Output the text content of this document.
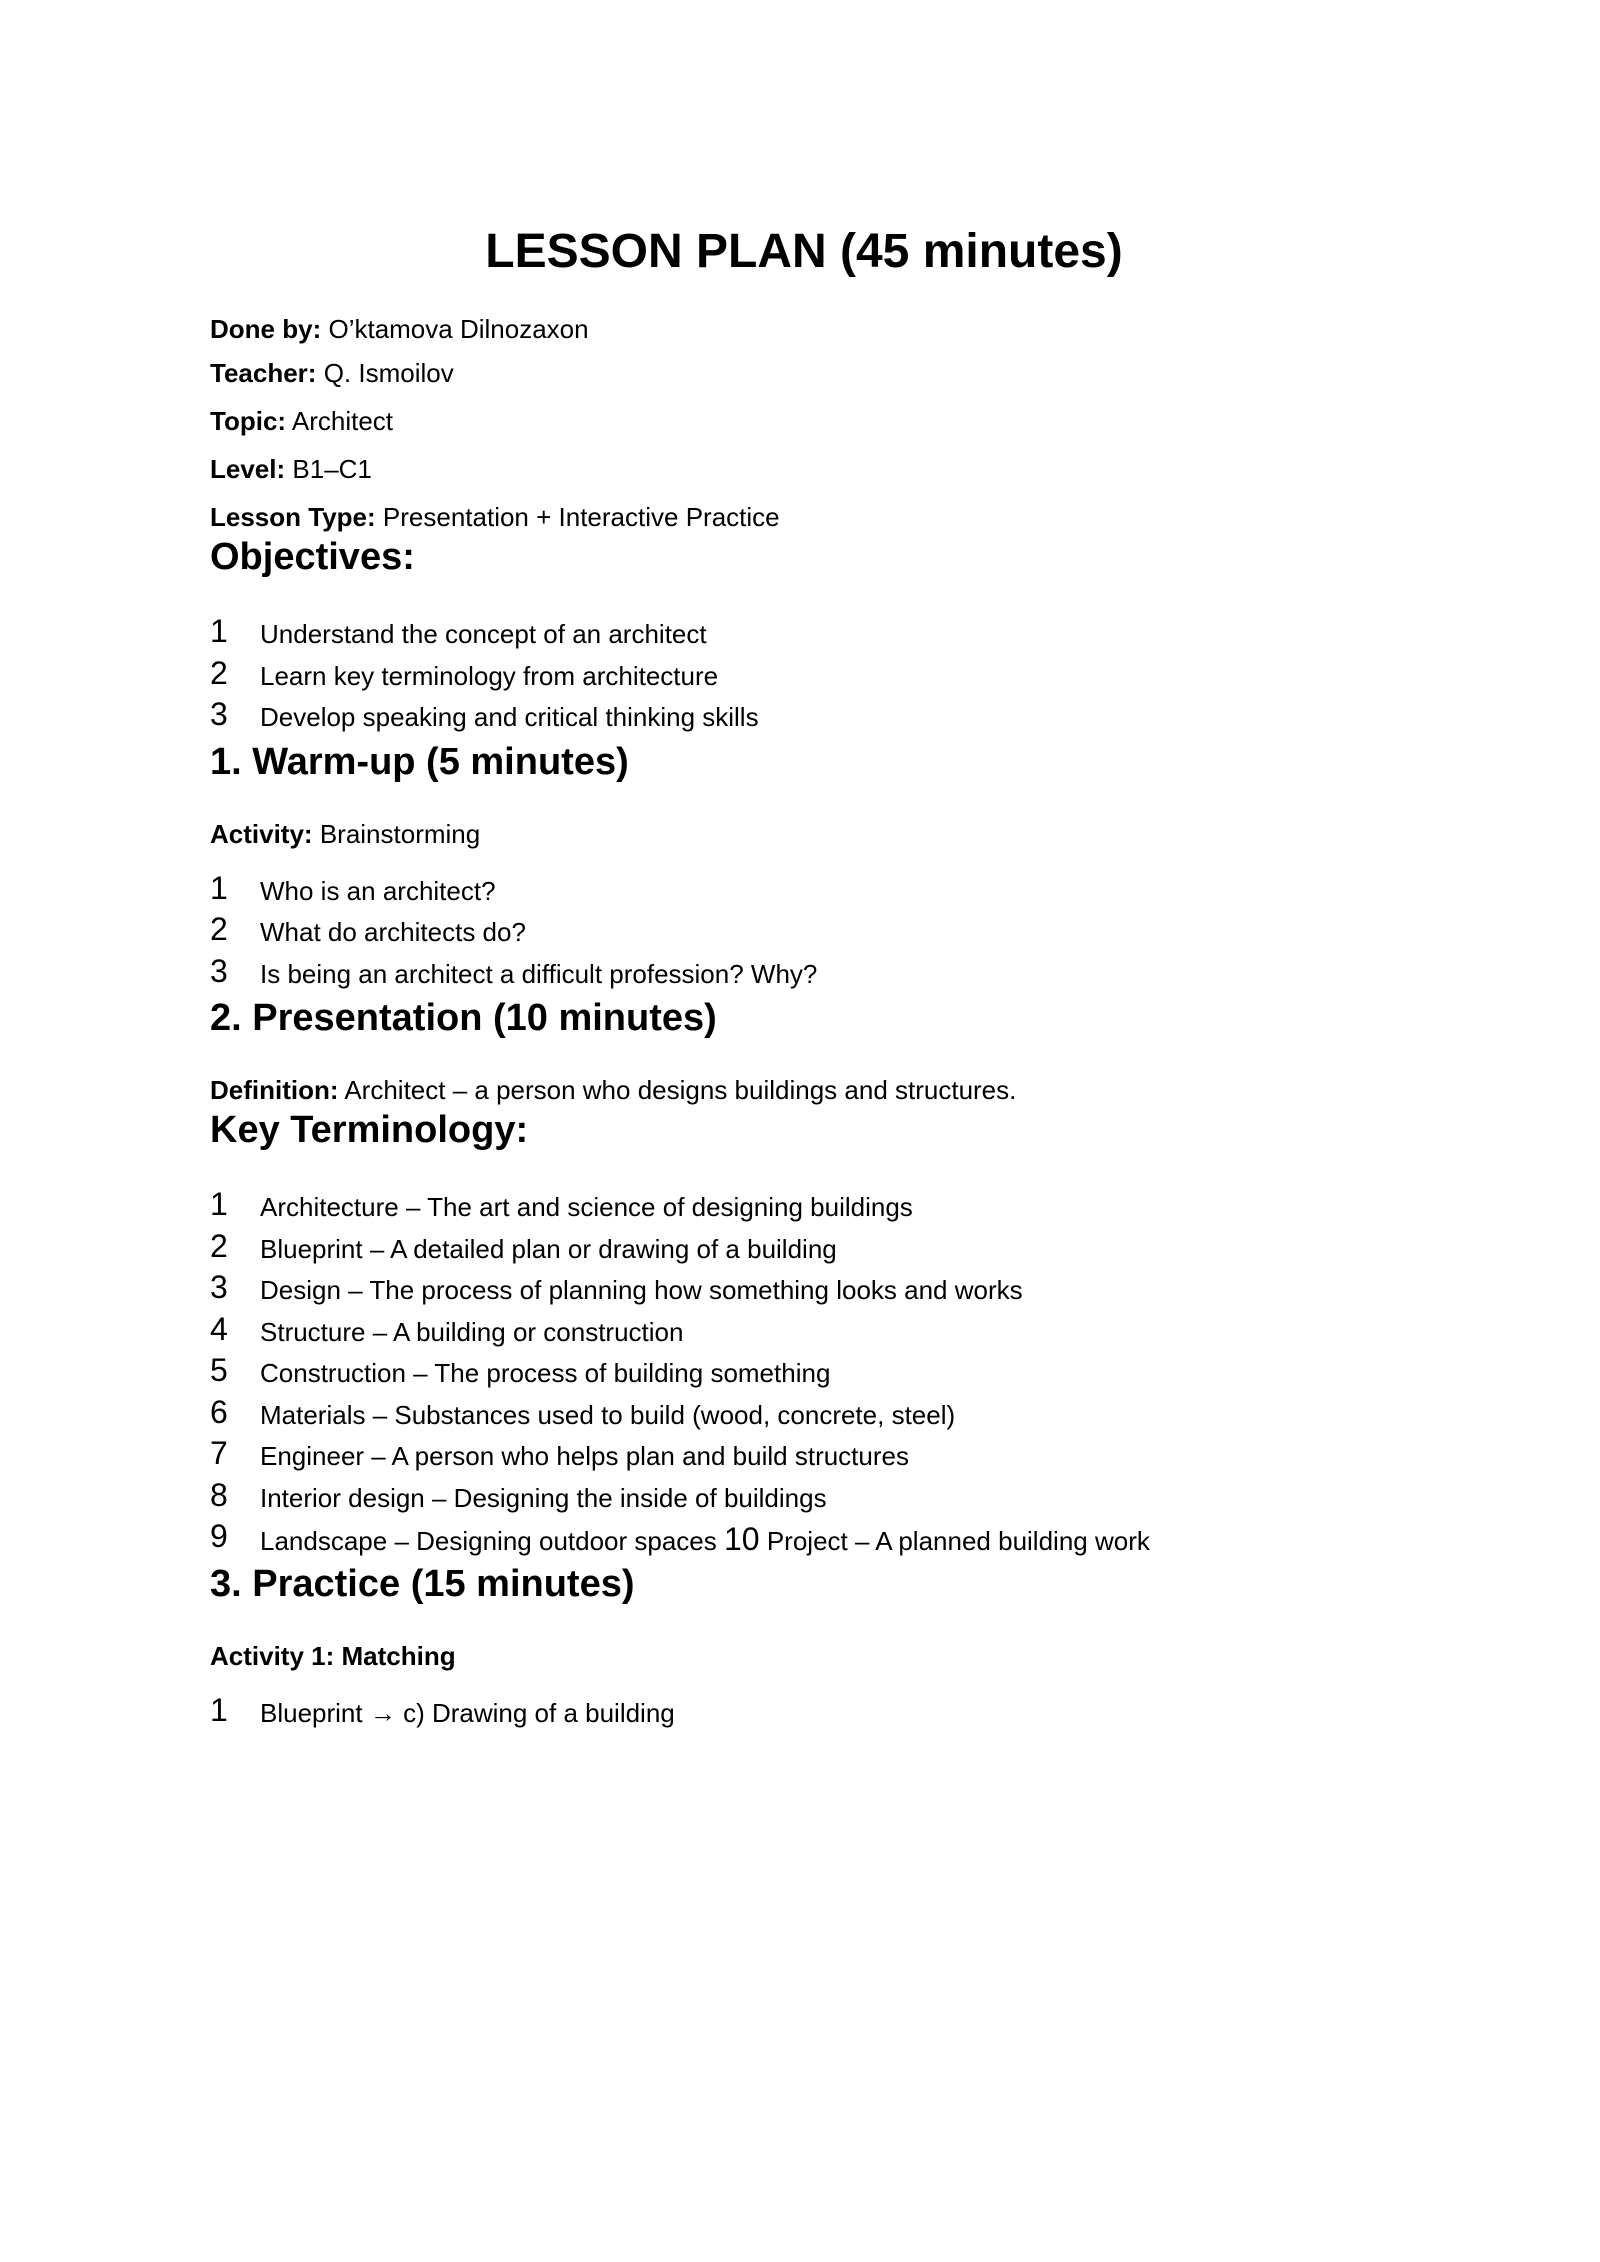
LESSON PLAN (45 minutes)

Done by: O’ktamova Dilnozaxon

Teacher: Q. Ismoilov

Topic: Architect

Level: B1–C1

Lesson Type: Presentation + Interactive Practice

Objectives:
1 Understand the concept of an architect
2 Learn key terminology from architecture
3 Develop speaking and critical thinking skills
1. Warm-up (5 minutes)

Activity: Brainstorming

1 Who is an architect?
2 What do architects do?
3 Is being an architect a difficult profession? Why?
2. Presentation (10 minutes)

Definition: Architect – a person who designs buildings and structures.

Key Terminology:
1 Architecture – The art and science of designing buildings
2 Blueprint – A detailed plan or drawing of a building
3 Design – The process of planning how something looks and works
4 Structure – A building or construction
5 Construction – The process of building something
6 Materials – Substances used to build (wood, concrete, steel)
7 Engineer – A person who helps plan and build structures
8 Interior design – Designing the inside of buildings
9 Landscape – Designing outdoor spaces 10 Project – A planned building work
3. Practice (15 minutes)

Activity 1: Matching

1 Blueprint → c) Drawing of a building
